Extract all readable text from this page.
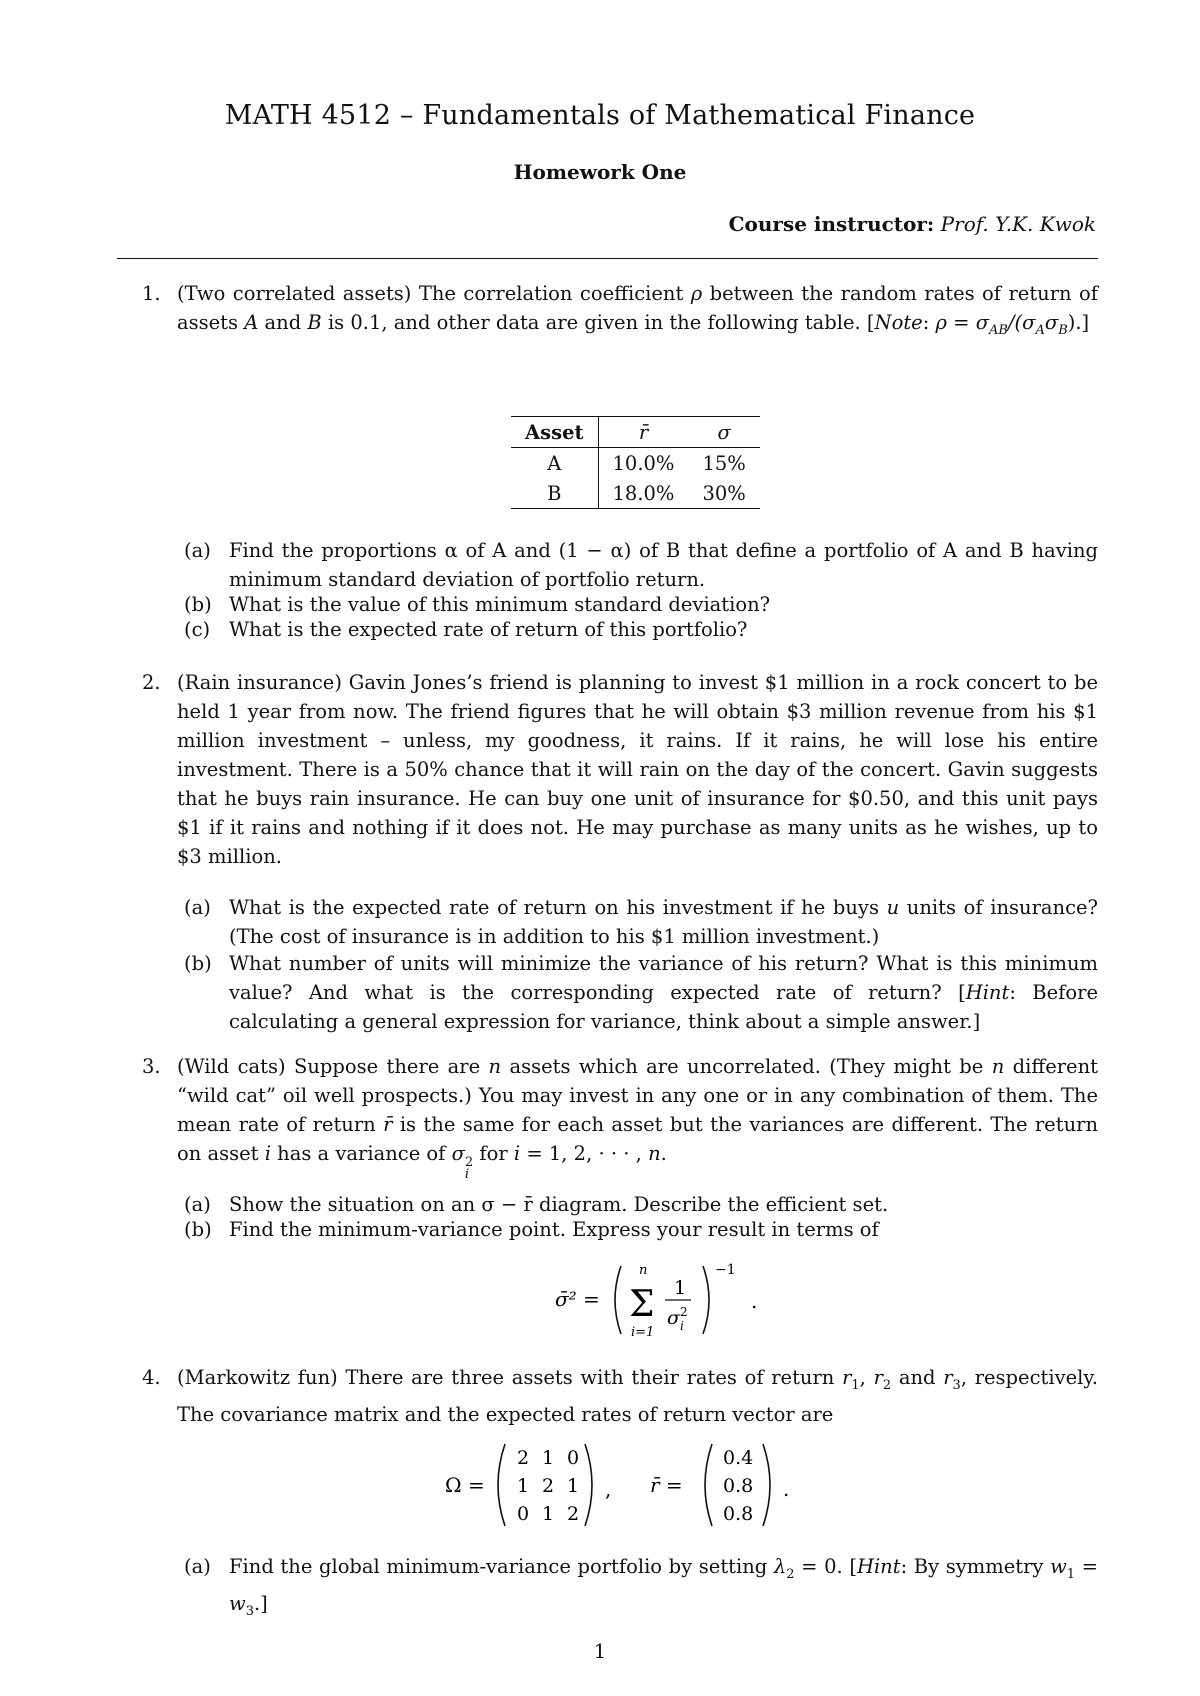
MATH 4512 – Fundamentals of Mathematical Finance
Homework One
Course instructor: Prof. Y.K. Kwok
1. (Two correlated assets) The correlation coefficient ρ between the random rates of return of assets A and B is 0.1, and other data are given in the following table. [Note: $\rho = \sigma_{AB}/(\sigma_A\sigma_B)$.]
Asset	r̄	σ
A	10.0%	15%
B	18.0%	30%
(a) Find the proportions α of A and (1 − α) of B that define a portfolio of A and B having minimum standard deviation of portfolio return.
(b) What is the value of this minimum standard deviation?
(c) What is the expected rate of return of this portfolio?
2. (Rain insurance) Gavin Jones’s friend is planning to invest $1 million in a rock concert to be held 1 year from now. The friend figures that he will obtain $3 million revenue from his $1 million investment – unless, my goodness, it rains. If it rains, he will lose his entire investment. There is a 50% chance that it will rain on the day of the concert. Gavin suggests that he buys rain insurance. He can buy one unit of insurance for $0.50, and this unit pays $1 if it rains and nothing if it does not. He may purchase as many units as he wishes, up to $3 million.
(a) What is the expected rate of return on his investment if he buys u units of insurance? (The cost of insurance is in addition to his $1 million investment.)
(b) What number of units will minimize the variance of his return? What is this minimum value? And what is the corresponding expected rate of return? [Hint: Before calculating a general expression for variance, think about a simple answer.]
3. (Wild cats) Suppose there are n assets which are uncorrelated. (They might be n different “wild cat” oil well prospects.) You may invest in any one or in any combination of them. The mean rate of return r̄ is the same for each asset but the variances are different. The return on asset i has a variance of σ 2
i
for i = 1, 2, · · · , n.
(a) Show the situation on an σ − r̄ diagram. Describe the efficient set.
(b) Find the minimum-variance point. Express your result in terms of
σ̄² = Σ
n
i=1
1
σ 2
i
−1
.
4. (Markowitz fun) There are three assets with their rates of return $r_1$, $r_2$ and $r_3$, respectively. The covariance matrix and the expected rates of return vector are
Ω =
2 1 0
1 2 1
0 1 2
, r̄ =
0.4
0.8
0.8
.
(a) Find the global minimum-variance portfolio by setting $\lambda_2 = 0$. [Hint: By symmetry $w_1 = w_3$.]
1
